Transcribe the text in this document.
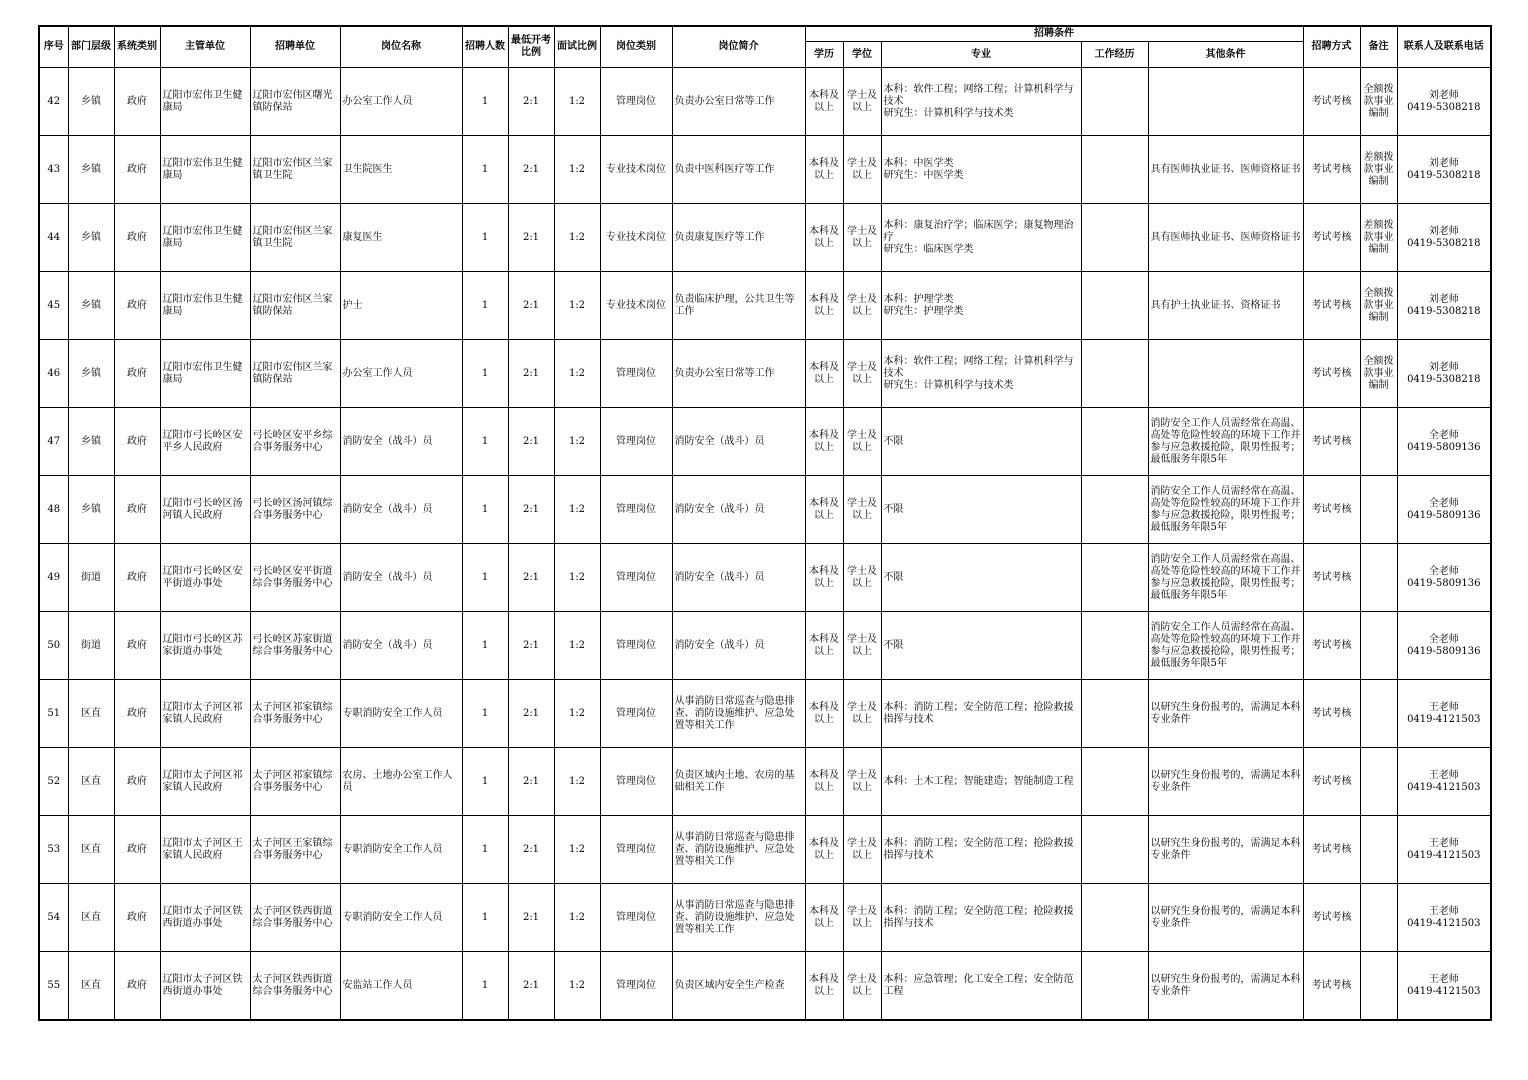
序号	部门层级	系统类别	主管单位	招聘单位	岗位名称	招聘人数	最低开考比例	面试比例	岗位类别	岗位简介	招聘条件					招聘方式	备注	联系人及联系电话
											学历	学位	专业	工作经历	其他条件			
42	乡镇	政府	辽阳市宏伟卫生健康局	辽阳市宏伟区曙光镇防保站	办公室工作人员	1	2:1	1:2	管理岗位	负责办公室日常等工作	本科及以上	学士及以上	本科：软件工程；网络工程；计算机科学与技术
研究生：计算机科学与技术类			考试考核	全额拨款事业编制	刘老师
0419-5308218
43	乡镇	政府	辽阳市宏伟卫生健康局	辽阳市宏伟区兰家镇卫生院	卫生院医生	1	2:1	1:2	专业技术岗位	负责中医科医疗等工作	本科及以上	学士及以上	本科：中医学类
研究生：中医学类		具有医师执业证书、医师资格证书	考试考核	差额拨款事业编制	刘老师
0419-5308218
44	乡镇	政府	辽阳市宏伟卫生健康局	辽阳市宏伟区兰家镇卫生院	康复医生	1	2:1	1:2	专业技术岗位	负责康复医疗等工作	本科及以上	学士及以上	本科：康复治疗学；临床医学；康复物理治疗
研究生：临床医学类		具有医师执业证书、医师资格证书	考试考核	差额拨款事业编制	刘老师
0419-5308218
45	乡镇	政府	辽阳市宏伟卫生健康局	辽阳市宏伟区兰家镇防保站	护士	1	2:1	1:2	专业技术岗位	负责临床护理，公共卫生等工作	本科及以上	学士及以上	本科：护理学类
研究生：护理学类		具有护士执业证书、资格证书	考试考核	全额拨款事业编制	刘老师
0419-5308218
46	乡镇	政府	辽阳市宏伟卫生健康局	辽阳市宏伟区兰家镇防保站	办公室工作人员	1	2:1	1:2	管理岗位	负责办公室日常等工作	本科及以上	学士及以上	本科：软件工程；网络工程；计算机科学与技术
研究生：计算机科学与技术类			考试考核	全额拨款事业编制	刘老师
0419-5308218
47	乡镇	政府	辽阳市弓长岭区安平乡人民政府	弓长岭区安平乡综合事务服务中心	消防安全（战斗）员	1	2:1	1:2	管理岗位	消防安全（战斗）员	本科及以上	学士及以上	不限		消防安全工作人员需经常在高温、高处等危险性较高的环境下工作并参与应急救援抢险，限男性报考；最低服务年限5年	考试考核		全老师
0419-5809136
48	乡镇	政府	辽阳市弓长岭区汤河镇人民政府	弓长岭区汤河镇综合事务服务中心	消防安全（战斗）员	1	2:1	1:2	管理岗位	消防安全（战斗）员	本科及以上	学士及以上	不限		消防安全工作人员需经常在高温、高处等危险性较高的环境下工作并参与应急救援抢险，限男性报考；最低服务年限5年	考试考核		全老师
0419-5809136
49	街道	政府	辽阳市弓长岭区安平街道办事处	弓长岭区安平街道综合事务服务中心	消防安全（战斗）员	1	2:1	1:2	管理岗位	消防安全（战斗）员	本科及以上	学士及以上	不限		消防安全工作人员需经常在高温、高处等危险性较高的环境下工作并参与应急救援抢险，限男性报考；最低服务年限5年	考试考核		全老师
0419-5809136
50	街道	政府	辽阳市弓长岭区苏家街道办事处	弓长岭区苏家街道综合事务服务中心	消防安全（战斗）员	1	2:1	1:2	管理岗位	消防安全（战斗）员	本科及以上	学士及以上	不限		消防安全工作人员需经常在高温、高处等危险性较高的环境下工作并参与应急救援抢险，限男性报考；最低服务年限5年	考试考核		全老师
0419-5809136
51	区直	政府	辽阳市太子河区祁家镇人民政府	太子河区祁家镇综合事务服务中心	专职消防安全工作人员	1	2:1	1:2	管理岗位	从事消防日常巡查与隐患排查、消防设施维护、应急处置等相关工作	本科及以上	学士及以上	本科：消防工程；安全防范工程；抢险救援指挥与技术		以研究生身份报考的，需满足本科专业条件	考试考核		王老师
0419-4121503
52	区直	政府	辽阳市太子河区祁家镇人民政府	太子河区祁家镇综合事务服务中心	农房、土地办公室工作人员	1	2:1	1:2	管理岗位	负责区域内土地、农房的基础相关工作	本科及以上	学士及以上	本科：土木工程；智能建造；智能制造工程		以研究生身份报考的，需满足本科专业条件	考试考核		王老师
0419-4121503
53	区直	政府	辽阳市太子河区王家镇人民政府	太子河区王家镇综合事务服务中心	专职消防安全工作人员	1	2:1	1:2	管理岗位	从事消防日常巡查与隐患排查、消防设施维护、应急处置等相关工作	本科及以上	学士及以上	本科：消防工程；安全防范工程；抢险救援指挥与技术		以研究生身份报考的，需满足本科专业条件	考试考核		王老师
0419-4121503
54	区直	政府	辽阳市太子河区铁西街道办事处	太子河区铁西街道综合事务服务中心	专职消防安全工作人员	1	2:1	1:2	管理岗位	从事消防日常巡查与隐患排查、消防设施维护、应急处置等相关工作	本科及以上	学士及以上	本科：消防工程；安全防范工程；抢险救援指挥与技术		以研究生身份报考的，需满足本科专业条件	考试考核		王老师
0419-4121503
55	区直	政府	辽阳市太子河区铁西街道办事处	太子河区铁西街道综合事务服务中心	安监站工作人员	1	2:1	1:2	管理岗位	负责区域内安全生产检查	本科及以上	学士及以上	本科：应急管理；化工安全工程；安全防范工程		以研究生身份报考的，需满足本科专业条件	考试考核		王老师
0419-4121503
